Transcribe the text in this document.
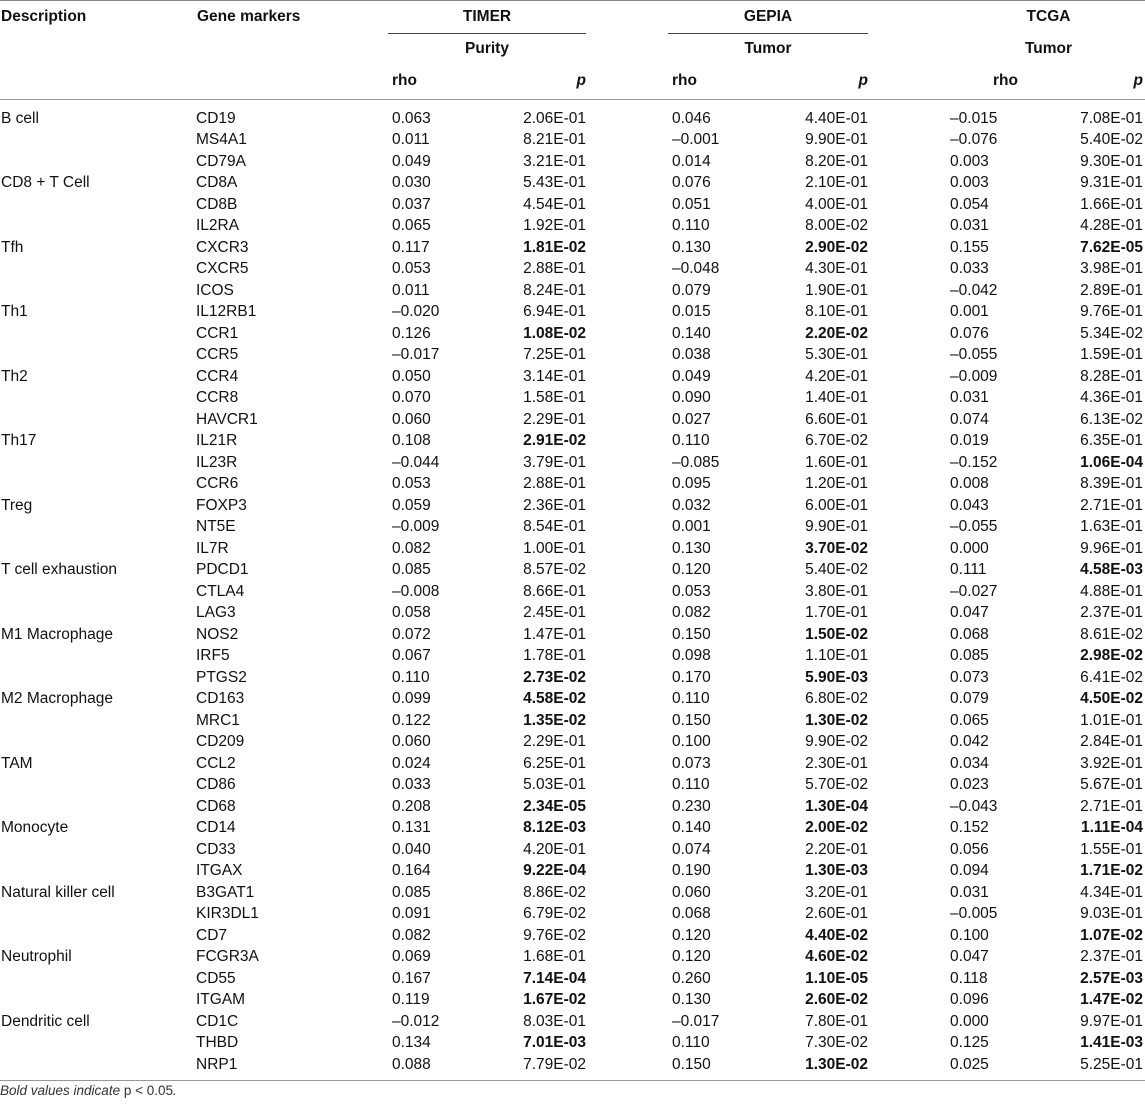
Description	Gene markers	TIMER			GEPIA		TCGA
		Purity			Tumor		Tumor
		rho	p		rho	p	rho p
B cell	CD19	0.063	2.06E-01		0.046	4.40E-01	–0.015 7.08E-01
	MS4A1	0.011	8.21E-01		–0.001	9.90E-01	–0.076 5.40E-02
	CD79A	0.049	3.21E-01		0.014	8.20E-01	0.003 9.30E-01
CD8 + T Cell	CD8A	0.030	5.43E-01		0.076	2.10E-01	0.003 9.31E-01
	CD8B	0.037	4.54E-01		0.051	4.00E-01	0.054 1.66E-01
	IL2RA	0.065	1.92E-01		0.110	8.00E-02	0.031 4.28E-01
Tfh	CXCR3	0.117	1.81E-02		0.130	2.90E-02	0.155 7.62E-05
	CXCR5	0.053	2.88E-01		–0.048	4.30E-01	0.033 3.98E-01
	ICOS	0.011	8.24E-01		0.079	1.90E-01	–0.042 2.89E-01
Th1	IL12RB1	–0.020	6.94E-01		0.015	8.10E-01	0.001 9.76E-01
	CCR1	0.126	1.08E-02		0.140	2.20E-02	0.076 5.34E-02
	CCR5	–0.017	7.25E-01		0.038	5.30E-01	–0.055 1.59E-01
Th2	CCR4	0.050	3.14E-01		0.049	4.20E-01	–0.009 8.28E-01
	CCR8	0.070	1.58E-01		0.090	1.40E-01	0.031 4.36E-01
	HAVCR1	0.060	2.29E-01		0.027	6.60E-01	0.074 6.13E-02
Th17	IL21R	0.108	2.91E-02		0.110	6.70E-02	0.019 6.35E-01
	IL23R	–0.044	3.79E-01		–0.085	1.60E-01	–0.152 1.06E-04
	CCR6	0.053	2.88E-01		0.095	1.20E-01	0.008 8.39E-01
Treg	FOXP3	0.059	2.36E-01		0.032	6.00E-01	0.043 2.71E-01
	NT5E	–0.009	8.54E-01		0.001	9.90E-01	–0.055 1.63E-01
	IL7R	0.082	1.00E-01		0.130	3.70E-02	0.000 9.96E-01
T cell exhaustion	PDCD1	0.085	8.57E-02		0.120	5.40E-02	0.111 4.58E-03
	CTLA4	–0.008	8.66E-01		0.053	3.80E-01	–0.027 4.88E-01
	LAG3	0.058	2.45E-01		0.082	1.70E-01	0.047 2.37E-01
M1 Macrophage	NOS2	0.072	1.47E-01		0.150	1.50E-02	0.068 8.61E-02
	IRF5	0.067	1.78E-01		0.098	1.10E-01	0.085 2.98E-02
	PTGS2	0.110	2.73E-02		0.170	5.90E-03	0.073 6.41E-02
M2 Macrophage	CD163	0.099	4.58E-02		0.110	6.80E-02	0.079 4.50E-02
	MRC1	0.122	1.35E-02		0.150	1.30E-02	0.065 1.01E-01
	CD209	0.060	2.29E-01		0.100	9.90E-02	0.042 2.84E-01
TAM	CCL2	0.024	6.25E-01		0.073	2.30E-01	0.034 3.92E-01
	CD86	0.033	5.03E-01		0.110	5.70E-02	0.023 5.67E-01
	CD68	0.208	2.34E-05		0.230	1.30E-04	–0.043 2.71E-01
Monocyte	CD14	0.131	8.12E-03		0.140	2.00E-02	0.152 1.11E-04
	CD33	0.040	4.20E-01		0.074	2.20E-01	0.056 1.55E-01
	ITGAX	0.164	9.22E-04		0.190	1.30E-03	0.094 1.71E-02
Natural killer cell	B3GAT1	0.085	8.86E-02		0.060	3.20E-01	0.031 4.34E-01
	KIR3DL1	0.091	6.79E-02		0.068	2.60E-01	–0.005 9.03E-01
	CD7	0.082	9.76E-02		0.120	4.40E-02	0.100 1.07E-02
Neutrophil	FCGR3A	0.069	1.68E-01		0.120	4.60E-02	0.047 2.37E-01
	CD55	0.167	7.14E-04		0.260	1.10E-05	0.118 2.57E-03
	ITGAM	0.119	1.67E-02		0.130	2.60E-02	0.096 1.47E-02
Dendritic cell	CD1C	–0.012	8.03E-01		–0.017	7.80E-01	0.000 9.97E-01
	THBD	0.134	7.01E-03		0.110	7.30E-02	0.125 1.41E-03
	NRP1	0.088	7.79E-02		0.150	1.30E-02	0.025 5.25E-01
Bold values indicate p < 0.05.
